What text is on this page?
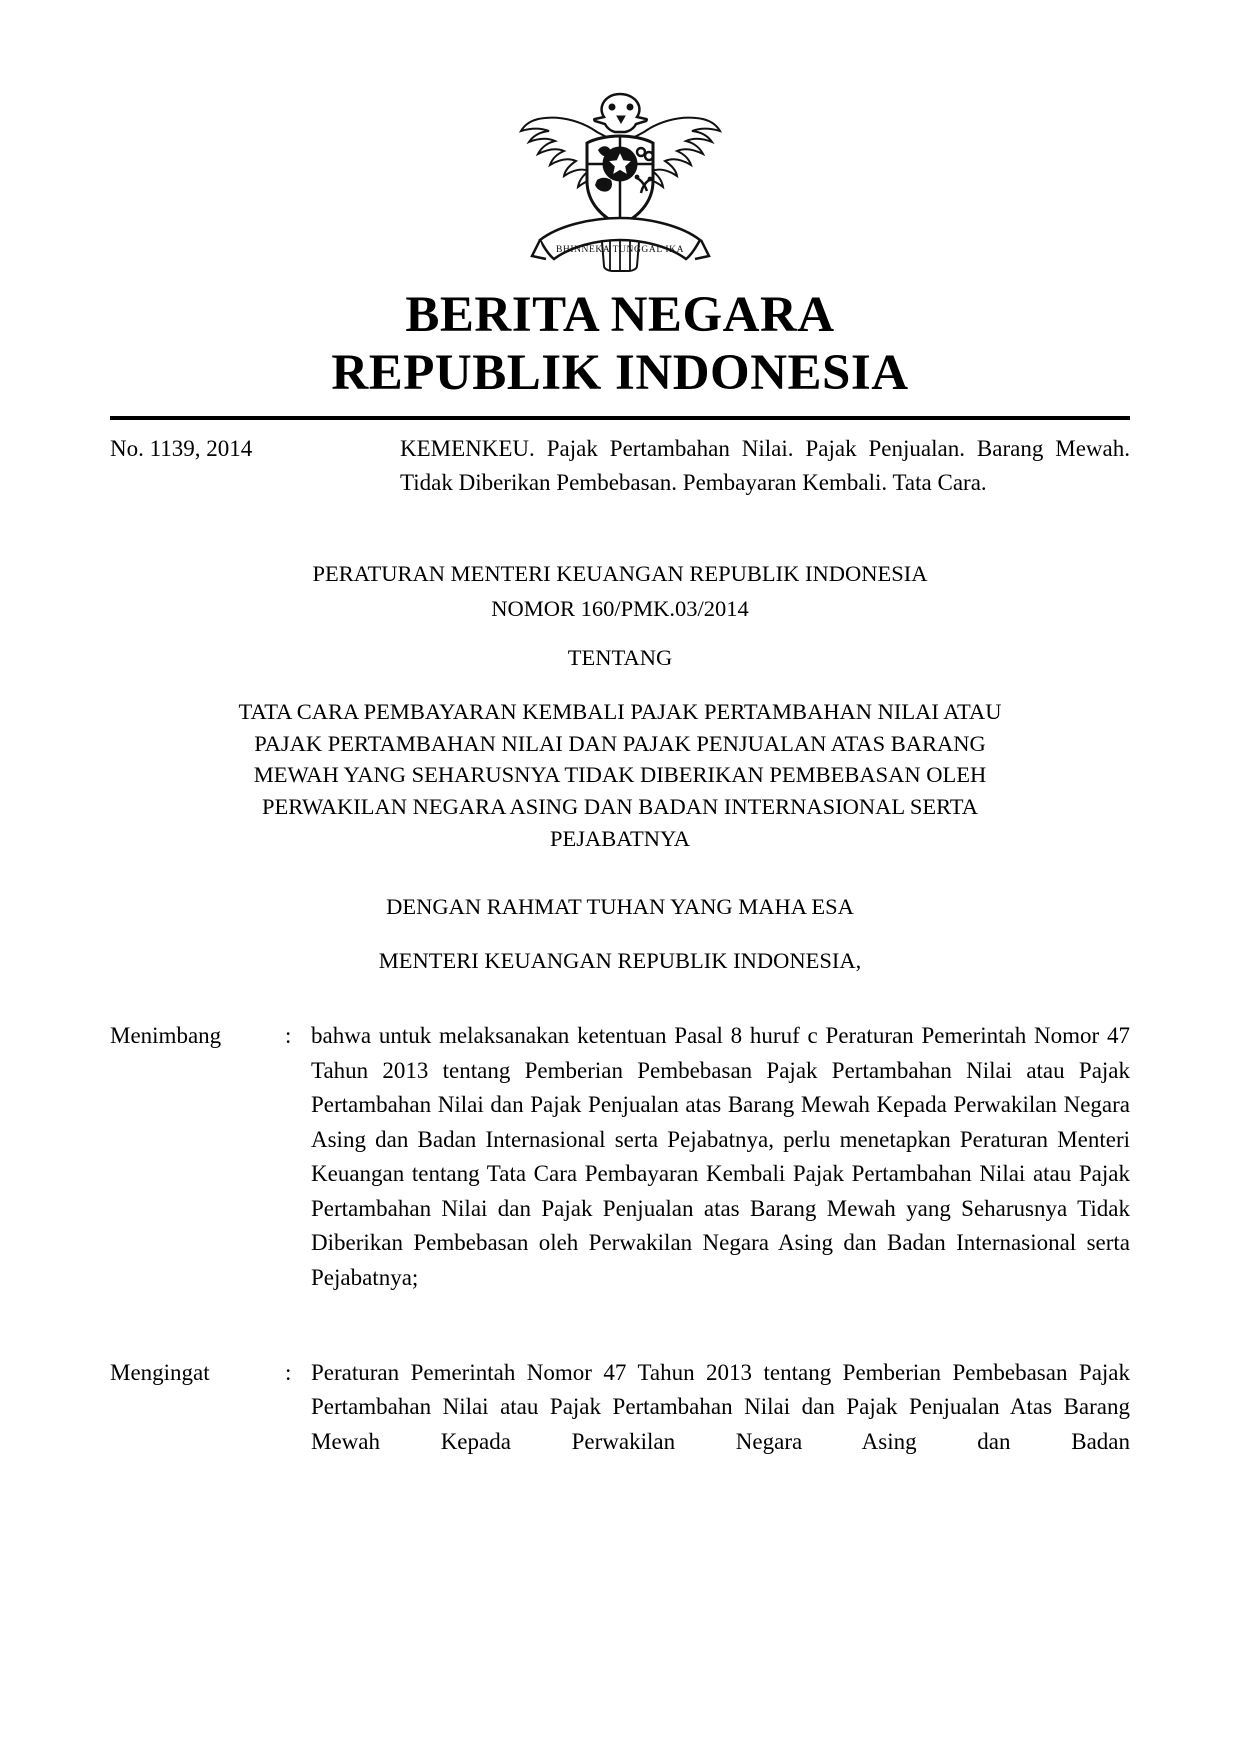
BHINNEKA TUNGGAL IKA
BERITA NEGARA
REPUBLIK INDONESIA
No. 1139, 2014	KEMENKEU. Pajak Pertambahan Nilai. Pajak Penjualan. Barang Mewah. Tidak Diberikan Pembebasan. Pembayaran Kembali. Tata Cara.
PERATURAN MENTERI KEUANGAN REPUBLIK INDONESIA
NOMOR 160/PMK.03/2014
TENTANG
TATA CARA PEMBAYARAN KEMBALI PAJAK PERTAMBAHAN NILAI ATAU
PAJAK PERTAMBAHAN NILAI DAN PAJAK PENJUALAN ATAS BARANG
MEWAH YANG SEHARUSNYA TIDAK DIBERIKAN PEMBEBASAN OLEH
PERWAKILAN NEGARA ASING DAN BADAN INTERNASIONAL SERTA
PEJABATNYA
DENGAN RAHMAT TUHAN YANG MAHA ESA
MENTERI KEUANGAN REPUBLIK INDONESIA,
Menimbang	: bahwa untuk melaksanakan ketentuan Pasal 8 huruf c Peraturan Pemerintah Nomor 47 Tahun 2013 tentang Pemberian Pembebasan Pajak Pertambahan Nilai atau Pajak Pertambahan Nilai dan Pajak Penjualan atas Barang Mewah Kepada Perwakilan Negara Asing dan Badan Internasional serta Pejabatnya, perlu menetapkan Peraturan Menteri Keuangan tentang Tata Cara Pembayaran Kembali Pajak Pertambahan Nilai atau Pajak Pertambahan Nilai dan Pajak Penjualan atas Barang Mewah yang Seharusnya Tidak Diberikan Pembebasan oleh Perwakilan Negara Asing dan Badan Internasional serta Pejabatnya;
Mengingat	: Peraturan Pemerintah Nomor 47 Tahun 2013 tentang Pemberian Pembebasan Pajak Pertambahan Nilai atau Pajak Pertambahan Nilai dan Pajak Penjualan Atas Barang Mewah Kepada Perwakilan Negara Asing dan Badan
